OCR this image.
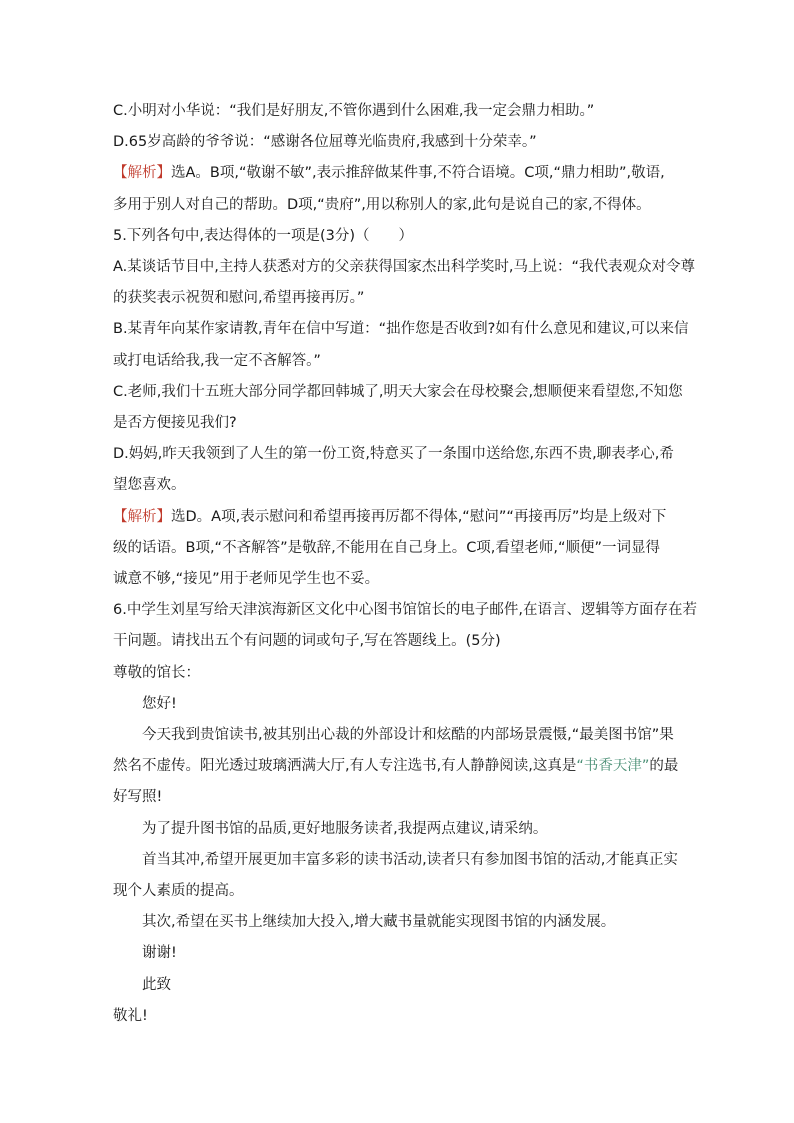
C.小明对小华说：“我们是好朋友,不管你遇到什么困难,我一定会鼎力相助。”

D.65岁高龄的爷爷说：“感谢各位屈尊光临贵府,我感到十分荣幸。”

【解析】选A。B项,“敬谢不敏”,表示推辞做某件事,不符合语境。C项,“鼎力相助”,敬语,

多用于别人对自己的帮助。D项,“贵府”,用以称别人的家,此句是说自己的家,不得体。

5.下列各句中,表达得体的一项是(3分)（　　）

A.某谈话节目中,主持人获悉对方的父亲获得国家杰出科学奖时,马上说：“我代表观众对令尊

的获奖表示祝贺和慰问,希望再接再厉。”

B.某青年向某作家请教,青年在信中写道：“拙作您是否收到?如有什么意见和建议,可以来信

或打电话给我,我一定不吝解答。”

C.老师,我们十五班大部分同学都回韩城了,明天大家会在母校聚会,想顺便来看望您,不知您

是否方便接见我们?

D.妈妈,昨天我领到了人生的第一份工资,特意买了一条围巾送给您,东西不贵,聊表孝心,希

望您喜欢。

【解析】选D。A项,表示慰问和希望再接再厉都不得体,“慰问”“再接再厉”均是上级对下

级的话语。B项,“不吝解答”是敬辞,不能用在自己身上。C项,看望老师,“顺便”一词显得

诚意不够,“接见”用于老师见学生也不妥。

6.中学生刘星写给天津滨海新区文化中心图书馆馆长的电子邮件,在语言、逻辑等方面存在若

干问题。请找出五个有问题的词或句子,写在答题线上。(5分)

尊敬的馆长：

您好!

今天我到贵馆读书,被其别出心裁的外部设计和炫酷的内部场景震慑,“最美图书馆”果

然名不虚传。阳光透过玻璃洒满大厅,有人专注选书,有人静静阅读,这真是“书香天津”的最

好写照!

为了提升图书馆的品质,更好地服务读者,我提两点建议,请采纳。

首当其冲,希望开展更加丰富多彩的读书活动,读者只有参加图书馆的活动,才能真正实

现个人素质的提高。

其次,希望在买书上继续加大投入,增大藏书量就能实现图书馆的内涵发展。

谢谢!

此致

敬礼!
